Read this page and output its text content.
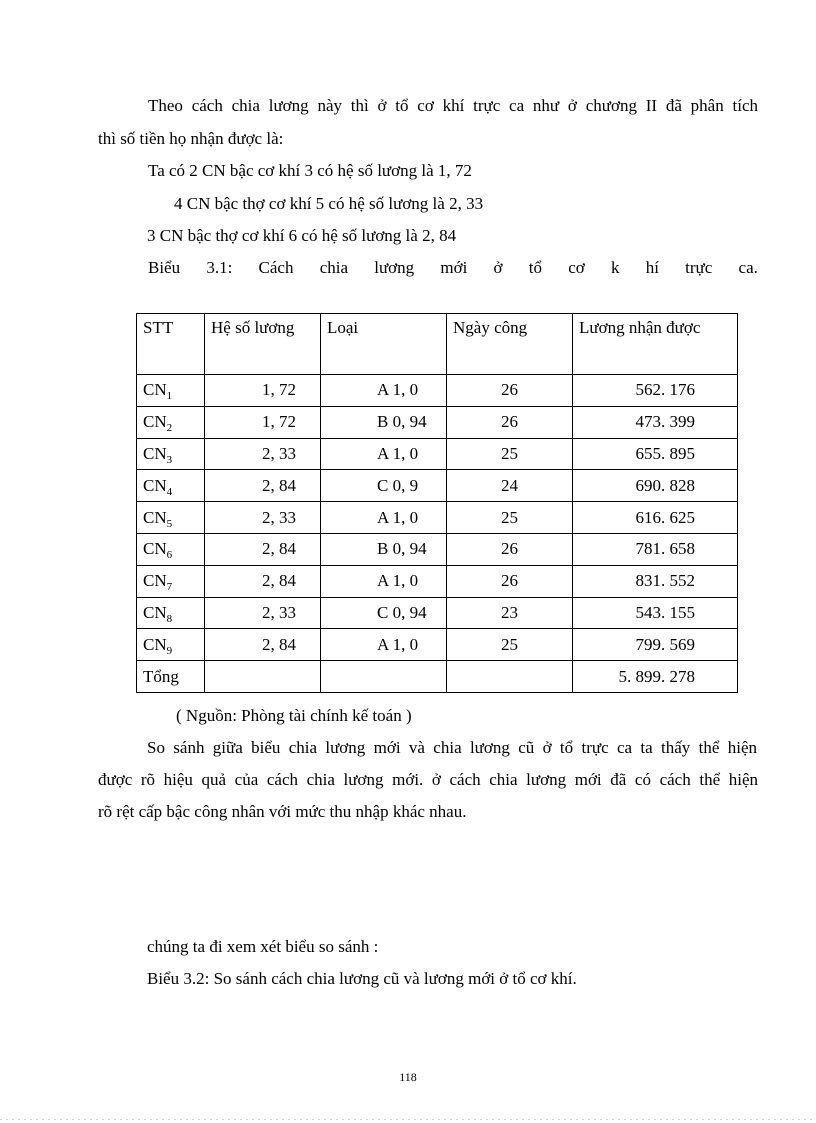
Theo cách chia lương này thì ở tổ cơ khí trực ca như ở chương II đã phân tích
thì số tiền họ nhận được là:
Ta có 2 CN bậc cơ khí 3 có hệ số lương là 1, 72
4 CN bậc thợ cơ khí 5 có hệ số lương là 2, 33
3 CN bậc thợ cơ khí 6 có hệ số lương là 2, 84
Biểu 3.1: Cách chia lương mới ở tổ cơ k hí trực ca.
STT	Hệ số lương	Loại	Ngày công	Lương nhận được
$CN_1$	1, 72	A 1, 0	26	562. 176
$CN_2$	1, 72	B 0, 94	26	473. 399
$CN_3$	2, 33	A 1, 0	25	655. 895
$CN_4$	2, 84	C 0, 9	24	690. 828
$CN_5$	2, 33	A 1, 0	25	616. 625
$CN_6$	2, 84	B 0, 94	26	781. 658
$CN_7$	2, 84	A 1, 0	26	831. 552
$CN_8$	2, 33	C 0, 94	23	543. 155
$CN_9$	2, 84	A 1, 0	25	799. 569
Tổng				5. 899. 278
( Nguồn: Phòng tài chính kế toán )
So sánh giữa biểu chia lương mới và chia lương cũ ở tổ trực ca ta thấy thể hiện
được rõ hiệu quả của cách chia lương mới. ở cách chia lương mới đã có cách thể hiện
rõ rệt cấp bậc công nhân với mức thu nhập khác nhau.
chúng ta đi xem xét biểu so sánh :
Biểu 3.2: So sánh cách chia lương cũ và lương mới ở tổ cơ khí.
118
